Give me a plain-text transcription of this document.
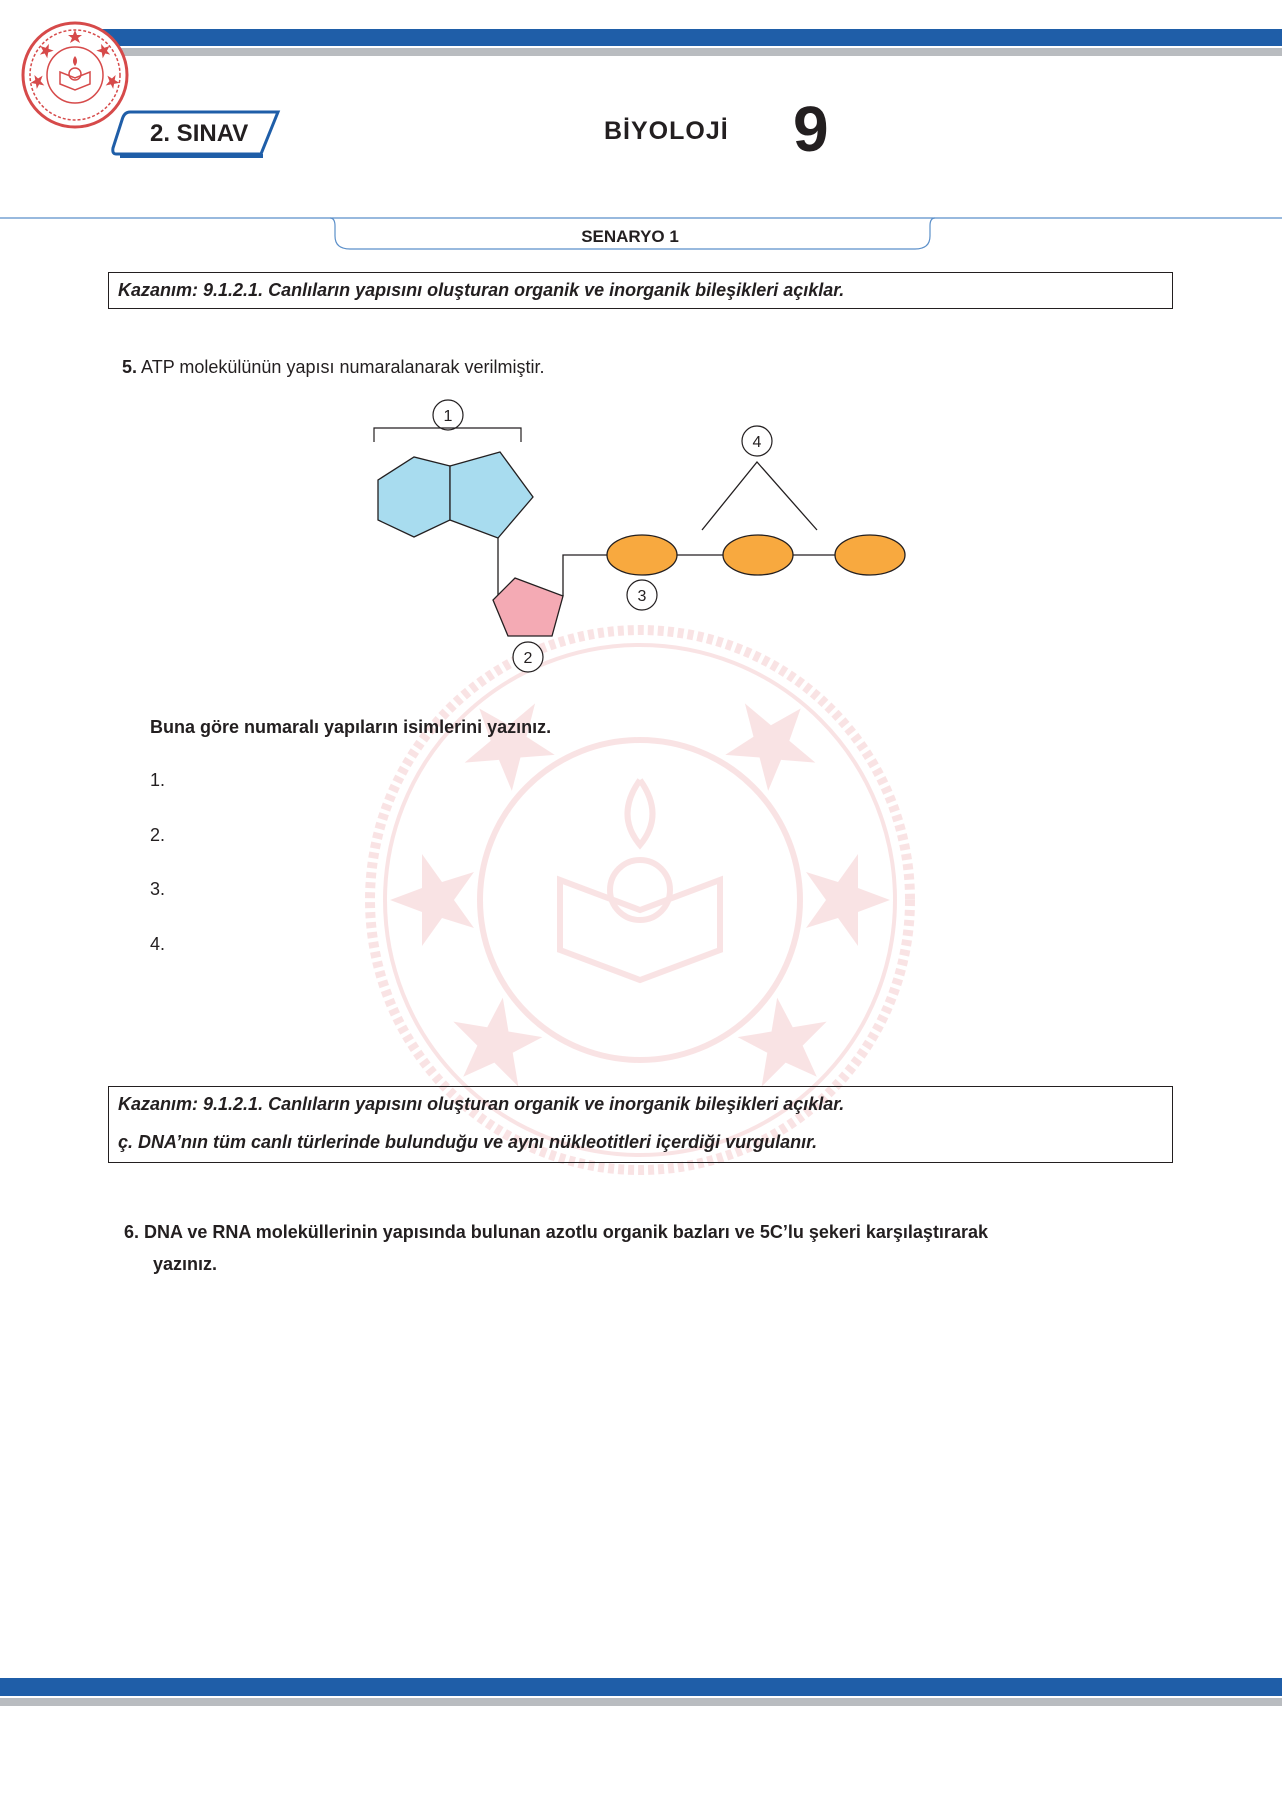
2. SINAV	BİYOLOJİ 9
SENARYO 1
Kazanım: 9.1.2.1. Canlıların yapısını oluşturan organik ve inorganik bileşikleri açıklar.
5. ATP molekülünün yapısı numaralanarak verilmiştir.
1
2
3
4
Buna göre numaralı yapıların isimlerini yazınız.
1.
2.
3.
4.
Kazanım: 9.1.2.1. Canlıların yapısını oluşturan organik ve inorganik bileşikleri açıklar.
ç. DNA’nın tüm canlı türlerinde bulunduğu ve aynı nükleotitleri içerdiği vurgulanır.
6. DNA ve RNA moleküllerinin yapısında bulunan azotlu organik bazları ve 5C’lu şekeri karşılaştırarak
yazınız.
